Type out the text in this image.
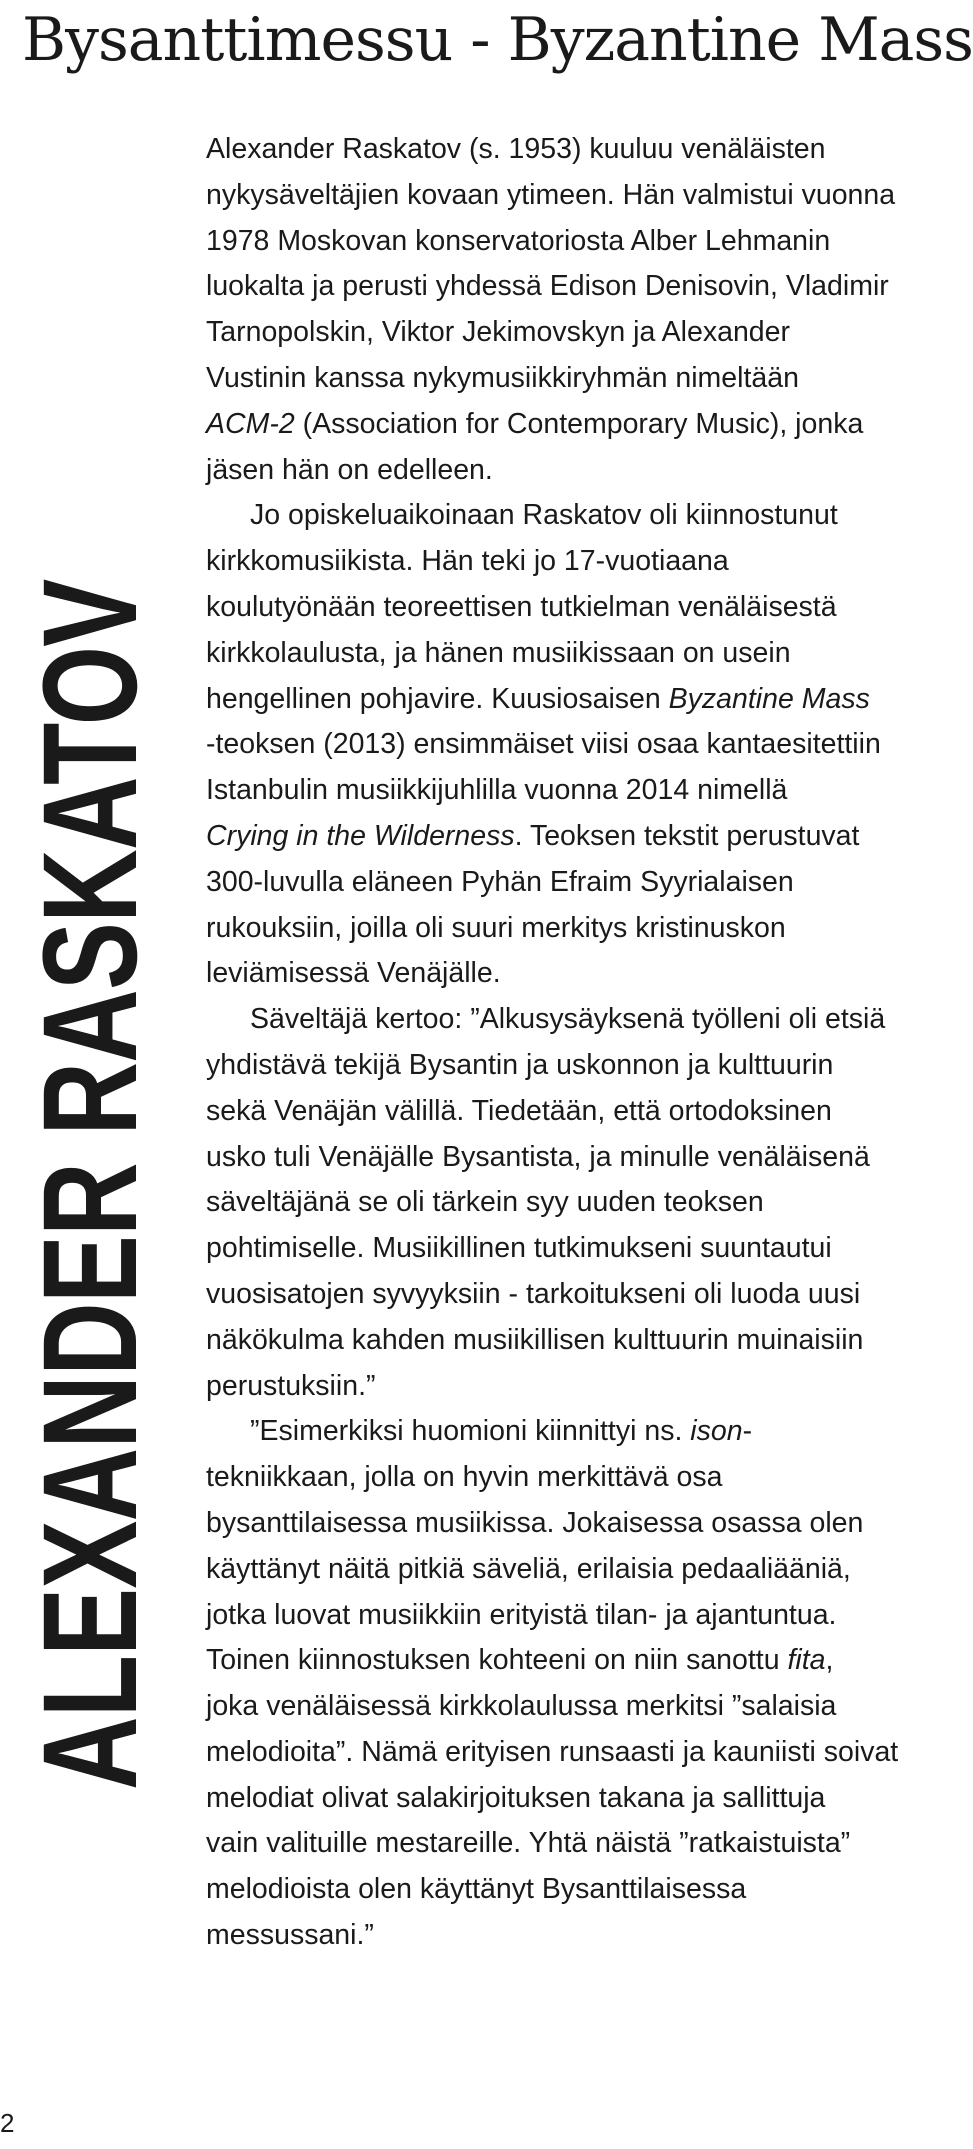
Bysanttimessu - Byzantine Mass
ALEXANDER RASKATOV
Alexander Raskatov (s. 1953) kuuluu venäläisten
nykysäveltäjien kovaan ytimeen. Hän valmistui vuonna
1978 Moskovan konservatoriosta Alber Lehmanin
luokalta ja perusti yhdessä Edison Denisovin, Vladimir
Tarnopolskin, Viktor Jekimovskyn ja Alexander
Vustinin kanssa nykymusiikkiryhmän nimeltään
ACM-2 (Association for Contemporary Music), jonka
jäsen hän on edelleen.
Jo opiskeluaikoinaan Raskatov oli kiinnostunut
kirkkomusiikista. Hän teki jo 17-vuotiaana
koulutyönään teoreettisen tutkielman venäläisestä
kirkkolaulusta, ja hänen musiikissaan on usein
hengellinen pohjavire. Kuusiosaisen Byzantine Mass
-teoksen (2013) ensimmäiset viisi osaa kantaesitettiin
Istanbulin musiikkijuhlilla vuonna 2014 nimellä
Crying in the Wilderness. Teoksen tekstit perustuvat
300-luvulla eläneen Pyhän Efraim Syyrialaisen
rukouksiin, joilla oli suuri merkitys kristinuskon
leviämisessä Venäjälle.
Säveltäjä kertoo: ”Alkusysäyksenä työlleni oli etsiä
yhdistävä tekijä Bysantin ja uskonnon ja kulttuurin
sekä Venäjän välillä. Tiedetään, että ortodoksinen
usko tuli Venäjälle Bysantista, ja minulle venäläisenä
säveltäjänä se oli tärkein syy uuden teoksen
pohtimiselle. Musiikillinen tutkimukseni suuntautui
vuosisatojen syvyyksiin - tarkoitukseni oli luoda uusi
näkökulma kahden musiikillisen kulttuurin muinaisiin
perustuksiin.”
”Esimerkiksi huomioni kiinnittyi ns. ison-
tekniikkaan, jolla on hyvin merkittävä osa
bysanttilaisessa musiikissa. Jokaisessa osassa olen
käyttänyt näitä pitkiä säveliä, erilaisia pedaaliääniä,
jotka luovat musiikkiin erityistä tilan- ja ajantuntua.
Toinen kiinnostuksen kohteeni on niin sanottu fita,
joka venäläisessä kirkkolaulussa merkitsi ”salaisia
melodioita”. Nämä erityisen runsaasti ja kauniisti soivat
melodiat olivat salakirjoituksen takana ja sallittuja
vain valituille mestareille. Yhtä näistä ”ratkaistuista”
melodioista olen käyttänyt Bysanttilaisessa
messussani.”
2
